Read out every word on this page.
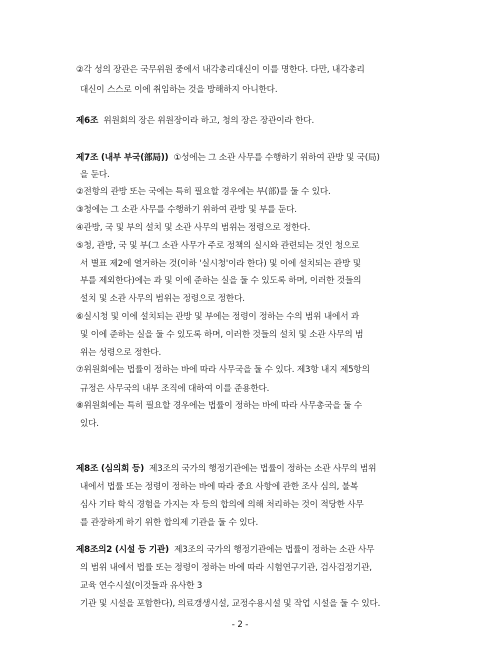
②각 성의 장관은 국무위원 중에서 내각총리대신이 이를 명한다. 다만, 내각총리
대신이 스스로 이에 취임하는 것을 방해하지 아니한다.
제6조 위원회의 장은 위원장이라 하고, 청의 장은 장관이라 한다.
제7조 (내부 부국(部局)) ①성에는 그 소관 사무를 수행하기 위하여 관방 및 국(局)
을 둔다.
②전항의 관방 또는 국에는 특히 필요할 경우에는 부(部)를 둘 수 있다.
③청에는 그 소관 사무를 수행하기 위하여 관방 및 부를 둔다.
④관방, 국 및 부의 설치 및 소관 사무의 범위는 정령으로 정한다.
⑤청, 관방, 국 및 부(그 소관 사무가 주로 정책의 실시와 관련되는 것인 청으로
서 별표 제2에 열거하는 것(이하 '실시청'이라 한다) 및 이에 설치되는 관방 및
부를 제외한다)에는 과 및 이에 준하는 실을 둘 수 있도록 하며, 이러한 것들의
설치 및 소관 사무의 범위는 정령으로 정한다.
⑥실시청 및 이에 설치되는 관방 및 부에는 정령이 정하는 수의 범위 내에서 과
및 이에 준하는 실을 둘 수 있도록 하며, 이러한 것들의 설치 및 소관 사무의 범
위는 성령으로 정한다.
⑦위원회에는 법률이 정하는 바에 따라 사무국을 둘 수 있다. 제3항 내지 제5항의
규정은 사무국의 내부 조직에 대하여 이를 준용한다.
⑧위원회에는 특히 필요할 경우에는 법률이 정하는 바에 따라 사무총국을 둘 수
있다.
제8조 (심의회 등) 제3조의 국가의 행정기관에는 법률이 정하는 소관 사무의 범위
내에서 법률 또는 정령이 정하는 바에 따라 중요 사항에 관한 조사 심의, 불복
심사 기타 학식 경험을 가지는 자 등의 합의에 의해 처리하는 것이 적당한 사무
를 관장하게 하기 위한 합의제 기관을 둘 수 있다.
제8조의2 (시설 등 기관) 제3조의 국가의 행정기관에는 법률이 정하는 소관 사무
의 범위 내에서 법률 또는 정령이 정하는 바에 따라 시험연구기관, 검사검정기관,
교육 연수시설(이것들과 유사한 3
기관 및 시설을 포함한다), 의료갱생시설, 교정수용시설 및 작업 시설을 둘 수 있다.
- 2 -
